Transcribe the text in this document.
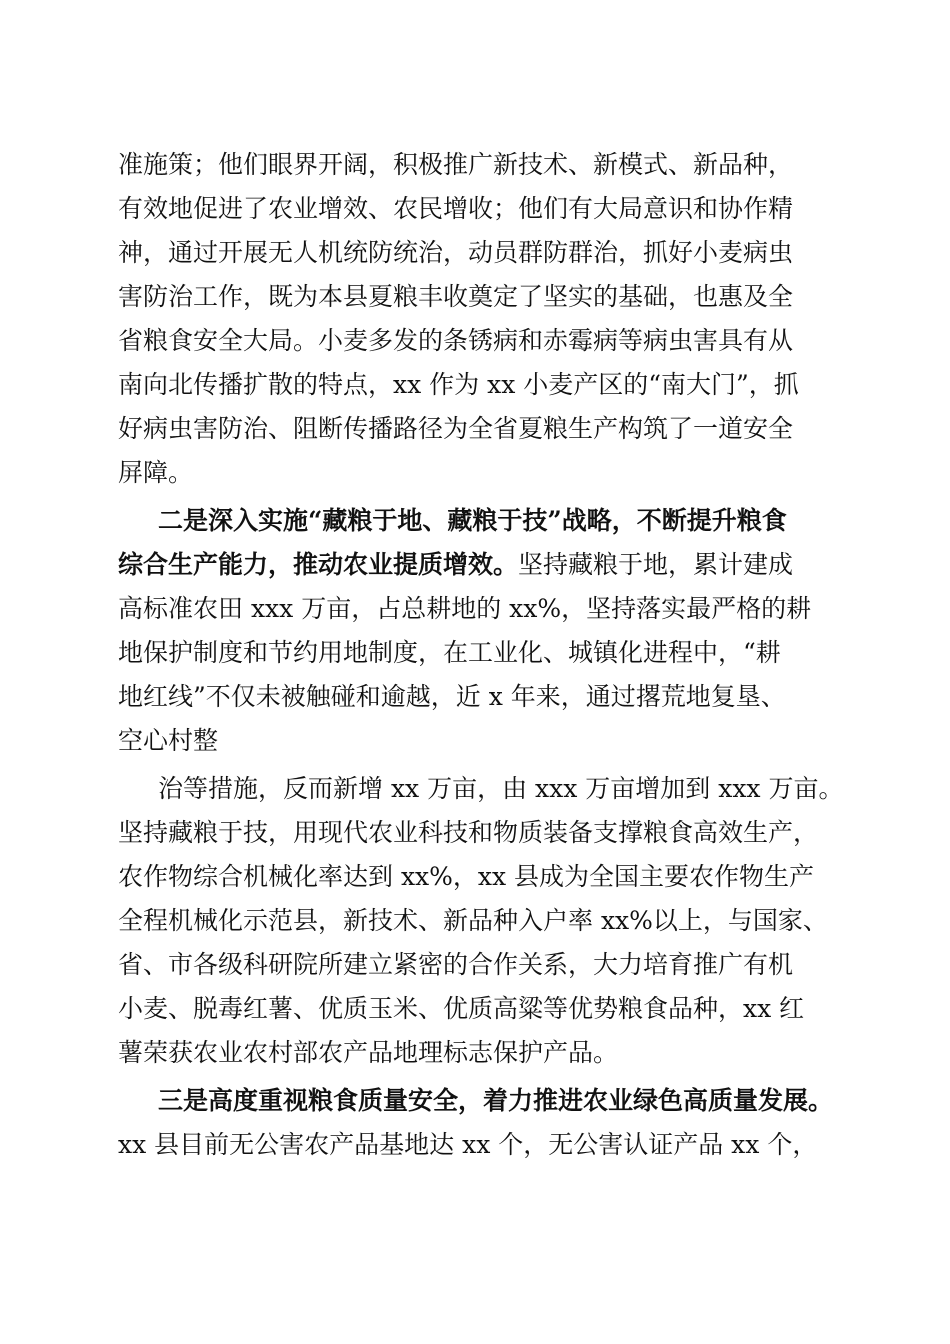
准施策；他们眼界开阔，积极推广新技术、新模式、新品种，

有效地促进了农业增效、农民增收；他们有大局意识和协作精

神，通过开展无人机统防统治，动员群防群治，抓好小麦病虫

害防治工作，既为本县夏粮丰收奠定了坚实的基础，也惠及全

省粮食安全大局。小麦多发的条锈病和赤霉病等病虫害具有从

南向北传播扩散的特点，xx 作为 xx 小麦产区的“南大门”，抓

好病虫害防治、阻断传播路径为全省夏粮生产构筑了一道安全

屏障。

二是深入实施“藏粮于地、藏粮于技”战略，不断提升粮食

综合生产能力，推动农业提质增效。坚持藏粮于地，累计建成

高标准农田 xxx 万亩，占总耕地的 xx%，坚持落实最严格的耕

地保护制度和节约用地制度，在工业化、城镇化进程中，“耕

地红线”不仅未被触碰和逾越，近 x 年来，通过撂荒地复垦、

空心村整

治等措施，反而新增 xx 万亩，由 xxx 万亩增加到 xxx 万亩。

坚持藏粮于技，用现代农业科技和物质装备支撑粮食高效生产，

农作物综合机械化率达到 xx%，xx 县成为全国主要农作物生产

全程机械化示范县，新技术、新品种入户率 xx%以上，与国家、

省、市各级科研院所建立紧密的合作关系，大力培育推广有机

小麦、脱毒红薯、优质玉米、优质高粱等优势粮食品种，xx 红

薯荣获农业农村部农产品地理标志保护产品。

三是高度重视粮食质量安全，着力推进农业绿色高质量发展。

xx 县目前无公害农产品基地达 xx 个，无公害认证产品 xx 个，
